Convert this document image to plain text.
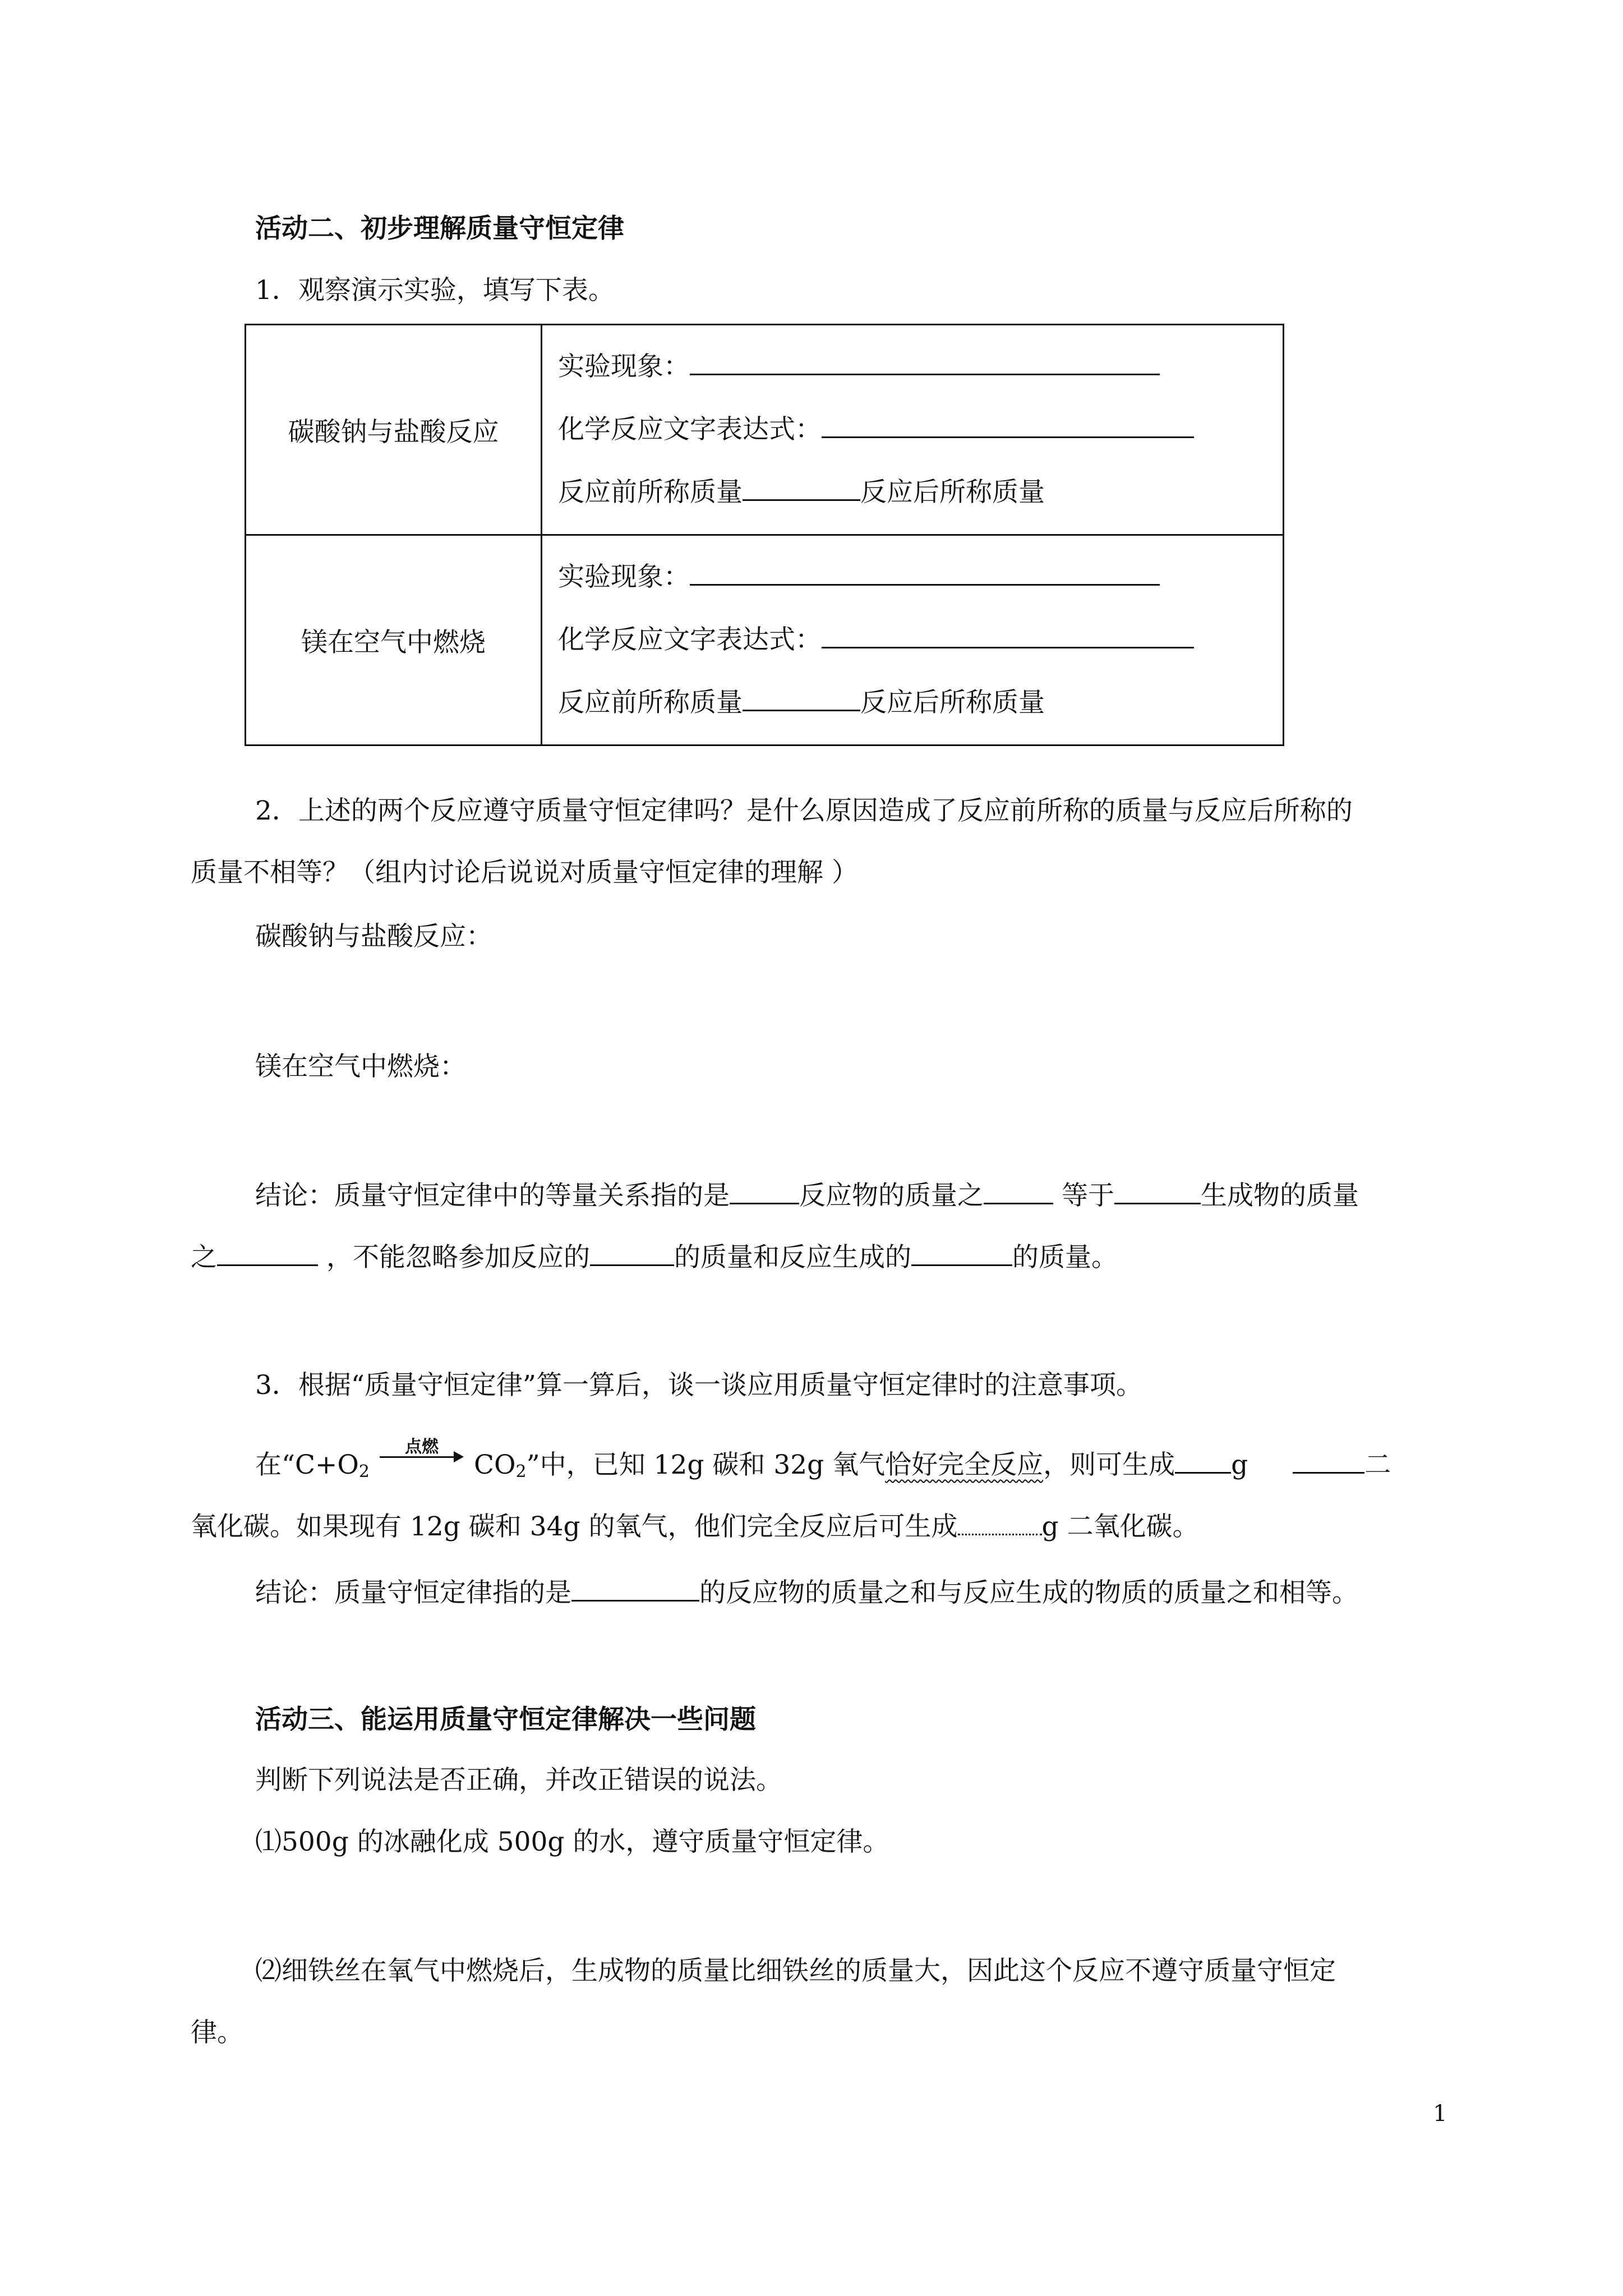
活动二、初步理解质量守恒定律
1．观察演示实验，填写下表。
碳酸钠与盐酸反应	实验现象：
化学反应文字表达式：
反应前所称质量 反应后所称质量

镁在空气中燃烧	实验现象：
化学反应文字表达式：
反应前所称质量 反应后所称质量
2．上述的两个反应遵守质量守恒定律吗？是什么原因造成了反应前所称的质量与反应后所称的
质量不相等？（组内讨论后说说对质量守恒定律的理解 ）
碳酸钠与盐酸反应：
镁在空气中燃烧：
结论：质量守恒定律中的等量关系指的是	反应物的质量之	等于	生成物的质量
之	，不能忽略参加反应的	的质量和反应生成的	的质量。
3．根据“质量守恒定律”算一算后，谈一谈应用质量守恒定律时的注意事项。
在“$C+O_2$
点燃
$CO_2$”中，已知 12g 碳和 32g 氧气恰好完全反应，则可生成 g	二
氧化碳。如果现有 12g 碳和 34g 的氧气，他们完全反应后可生成	g 二氧化碳。
结论：质量守恒定律指的是	的反应物的质量之和与反应生成的物质的质量之和相等。
活动三、能运用质量守恒定律解决一些问题
判断下列说法是否正确，并改正错误的说法。
⑴500g 的冰融化成 500g 的水，遵守质量守恒定律。
⑵细铁丝在氧气中燃烧后，生成物的质量比细铁丝的质量大，因此这个反应不遵守质量守恒定
律。
1
